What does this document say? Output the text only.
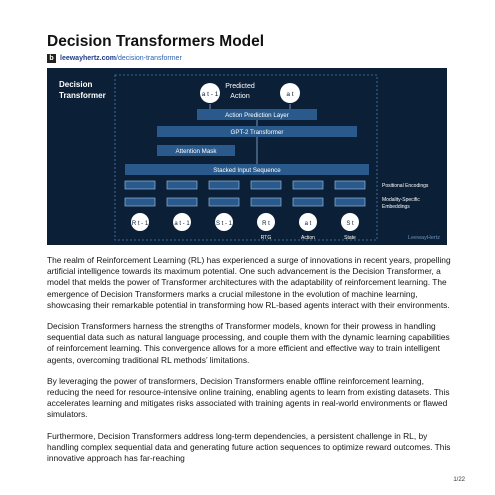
Decision Transformers Model
b leewayhertz.com/decision-transformer
Decision
Transformer	a t - 1
Predicted
Action	a t
Action Prediction Layer
GPT-2 Transformer
Attention Mask
Stacked Input Sequence
Positional Encodings
Modality-Specific
Embeddings
R t - 1	a t - 1	S t - 1	R t	a t	S t
RTG	Action	State	LeewayHertz

The realm of Reinforcement Learning (RL) has experienced a surge of innovations in recent years, propelling artificial intelligence towards its maximum potential. One such advancement is the Decision Transformer, a model that melds the power of Transformer architectures with the adaptability of reinforcement learning. The emergence of Decision Transformers marks a crucial milestone in the evolution of machine learning, showcasing their remarkable potential in transforming how RL-based agents interact with their environments.

Decision Transformers harness the strengths of Transformer models, known for their prowess in handling sequential data such as natural language processing, and couple them with the dynamic learning capabilities of reinforcement learning. This convergence allows for a more efficient and effective way to train intelligent agents, overcoming traditional RL methods’ limitations.

By leveraging the power of transformers, Decision Transformers enable offline reinforcement learning, reducing the need for resource-intensive online training, enabling agents to learn from existing datasets. This accelerates learning and mitigates risks associated with training agents in real-world environments or flawed simulators.

Furthermore, Decision Transformers address long-term dependencies, a persistent challenge in RL, by handling complex sequential data and generating future action sequences to optimize reward outcomes. This innovative approach has far-reaching

1/22
